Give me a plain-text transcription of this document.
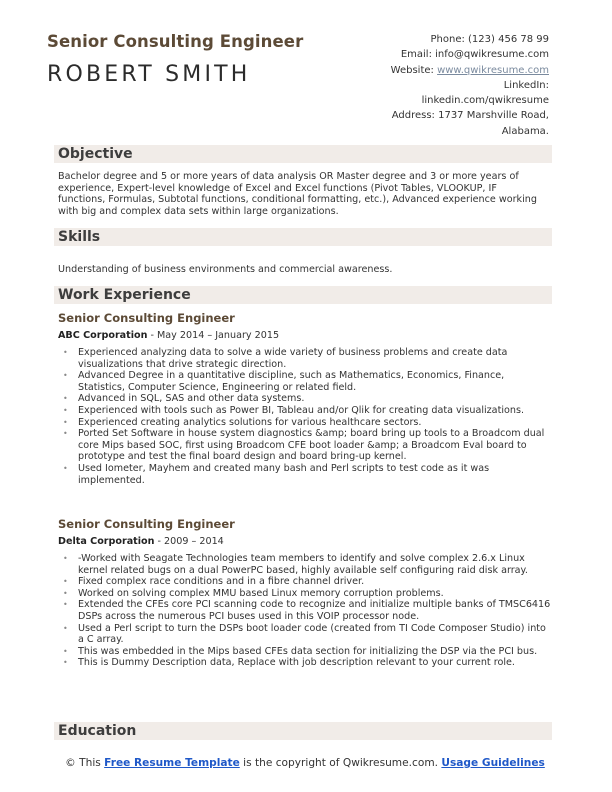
Senior Consulting Engineer
ROBERT SMITH
Phone: (123) 456 78 99
Email: info@qwikresume.com
Website: www.qwikresume.com
LinkedIn:
linkedin.com/qwikresume
Address: 1737 Marshville Road,
Alabama.
Objective
Bachelor degree and 5 or more years of data analysis OR Master degree and 3 or more years of experience, Expert-level knowledge of Excel and Excel functions (Pivot Tables, VLOOKUP, IF functions, Formulas, Subtotal functions, conditional formatting, etc.), Advanced experience working with big and complex data sets within large organizations.
Skills
Understanding of business environments and commercial awareness.
Work Experience
Senior Consulting Engineer
ABC Corporation - May 2014 – January 2015
• Experienced analyzing data to solve a wide variety of business problems and create data visualizations that drive strategic direction.
• Advanced Degree in a quantitative discipline, such as Mathematics, Economics, Finance, Statistics, Computer Science, Engineering or related field.
• Advanced in SQL, SAS and other data systems.
• Experienced with tools such as Power BI, Tableau and/or Qlik for creating data visualizations.
• Experienced creating analytics solutions for various healthcare sectors.
• Ported Set Software in house system diagnostics &amp; board bring up tools to a Broadcom dual core Mips based SOC, first using Broadcom CFE boot loader &amp; a Broadcom Eval board to prototype and test the final board design and board bring-up kernel.
• Used Iometer, Mayhem and created many bash and Perl scripts to test code as it was implemented.
Senior Consulting Engineer
Delta Corporation - 2009 – 2014
• -Worked with Seagate Technologies team members to identify and solve complex 2.6.x Linux kernel related bugs on a dual PowerPC based, highly available self configuring raid disk array.
• Fixed complex race conditions and in a fibre channel driver.
• Worked on solving complex MMU based Linux memory corruption problems.
• Extended the CFEs core PCI scanning code to recognize and initialize multiple banks of TMSC6416 DSPs across the numerous PCI buses used in this VOIP processor node.
• Used a Perl script to turn the DSPs boot loader code (created from TI Code Composer Studio) into a C array.
• This was embedded in the Mips based CFEs data section for initializing the DSP via the PCI bus.
• This is Dummy Description data, Replace with job description relevant to your current role.
Education
© This Free Resume Template is the copyright of Qwikresume.com. Usage Guidelines
